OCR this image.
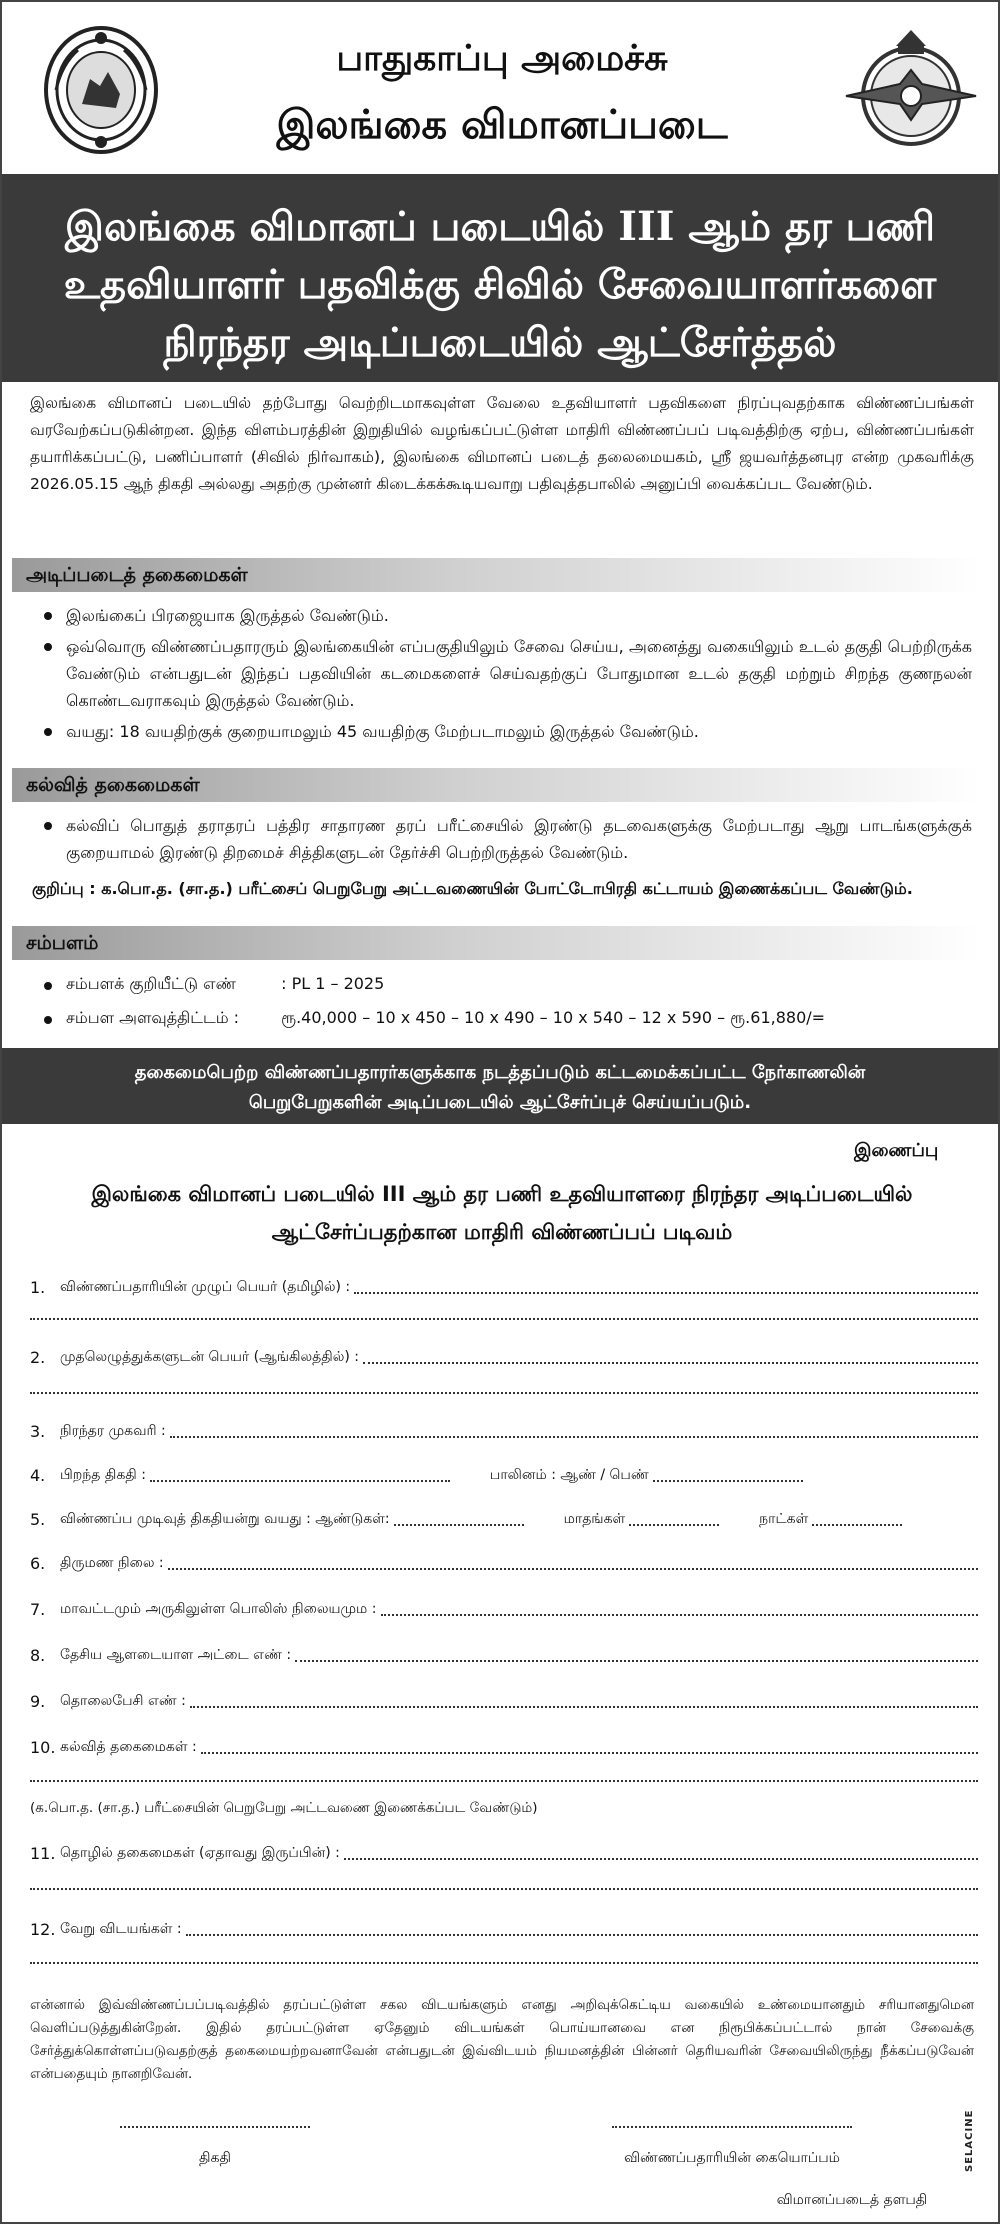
பாதுகாப்பு அமைச்சு
இலங்கை விமானப்படை
இலங்கை விமானப் படையில் III ஆம் தர பணி
உதவியாளர் பதவிக்கு சிவில் சேவையாளர்களை
நிரந்தர அடிப்படையில் ஆட்சேர்த்தல்
இலங்கை விமானப் படையில் தற்போது வெற்றிடமாகவுள்ள வேலை உதவியாளர் பதவிகளை நிரப்புவதற்காக விண்ணப்பங்கள் வரவேற்கப்படுகின்றன. இந்த விளம்பரத்தின் இறுதியில் வழங்கப்பட்டுள்ள மாதிரி விண்ணப்பப் படிவத்திற்கு ஏற்ப, விண்ணப்பங்கள் தயாரிக்கப்பட்டு, பணிப்பாளர் (சிவில் நிர்வாகம்), இலங்கை விமானப் படைத் தலைமையகம், ஸ்ரீ ஜயவர்த்தனபுர என்ற முகவரிக்கு 2026.05.15 ஆந் திகதி அல்லது அதற்கு முன்னர் கிடைக்கக்கூடியவாறு பதிவுத்தபாலில் அனுப்பி வைக்கப்பட வேண்டும்.
அடிப்படைத் தகைமைகள்
இலங்கைப் பிரஜையாக இருத்தல் வேண்டும்.
ஒவ்வொரு விண்ணப்பதாரரும் இலங்கையின் எப்பகுதியிலும் சேவை செய்ய, அனைத்து வகையிலும் உடல் தகுதி பெற்றிருக்க வேண்டும் என்பதுடன் இந்தப் பதவியின் கடமைகளைச் செய்வதற்குப் போதுமான உடல் தகுதி மற்றும் சிறந்த குணநலன் கொண்டவராகவும் இருத்தல் வேண்டும்.
வயது: 18 வயதிற்குக் குறையாமலும் 45 வயதிற்கு மேற்படாமலும் இருத்தல் வேண்டும்.
கல்வித் தகைமைகள்
கல்விப் பொதுத் தராதரப் பத்திர சாதாரண தரப் பரீட்சையில் இரண்டு தடவைகளுக்கு மேற்படாது ஆறு பாடங்களுக்குக் குறையாமல் இரண்டு திறமைச் சித்திகளுடன் தேர்ச்சி பெற்றிருத்தல் வேண்டும்.
குறிப்பு : க.பொ.த. (சா.த.) பரீட்சைப் பெறுபேறு அட்டவணையின் போட்டோபிரதி கட்டாயம் இணைக்கப்பட வேண்டும்.
சம்பளம்
சம்பளக் குறியீட்டு எண்	: PL 1 – 2025
சம்பள அளவுத்திட்டம் :	ரூ.40,000 – 10 x 450 – 10 x 490 – 10 x 540 – 12 x 590 – ரூ.61,880/=
தகைமைபெற்ற விண்ணப்பதாரர்களுக்காக நடத்தப்படும் கட்டமைக்கப்பட்ட நேர்காணலின்
பெறுபேறுகளின் அடிப்படையில் ஆட்சேர்ப்புச் செய்யப்படும்.
இணைப்பு
இலங்கை விமானப் படையில் III ஆம் தர பணி உதவியாளரை நிரந்தர அடிப்படையில்
ஆட்சேர்ப்பதற்கான மாதிரி விண்ணப்பப் படிவம்
1.	விண்ணப்பதாரியின் முழுப் பெயர் (தமிழில்) :
2.	முதலெழுத்துக்களுடன் பெயர் (ஆங்கிலத்தில்) :
3.	நிரந்தர முகவரி :
4.	பிறந்த திகதி :	பாலினம் : ஆண் / பெண்
5.	விண்ணப்ப முடிவுத் திகதியன்று வயது : ஆண்டுகள்:	மாதங்கள்	நாட்கள்
6.	திருமண நிலை :
7.	மாவட்டமும் அருகிலுள்ள பொலிஸ் நிலையமும :
8.	தேசிய ஆளடையாள அட்டை எண் :
9.	தொலைபேசி எண் :
10. கல்வித் தகைமைகள் :
(க.பொ.த. (சா.த.) பரீட்சையின் பெறுபேறு அட்டவணை இணைக்கப்பட வேண்டும்)
11. தொழில் தகைமைகள் (ஏதாவது இருப்பின்) :
12. வேறு விடயங்கள் :
என்னால் இவ்விண்ணப்பப்படிவத்தில் தரப்பட்டுள்ள சகல விடயங்களும் எனது அறிவுக்கெட்டிய வகையில் உண்மையானதும் சரியானதுமென வெளிப்படுத்துகின்றேன். இதில் தரப்பட்டுள்ள ஏதேனும் விடயங்கள் பொய்யானவை என நிரூபிக்கப்பட்டால் நான் சேவைக்கு சேர்த்துக்கொள்ளப்படுவதற்குத் தகைமையற்றவனாவேன் என்பதுடன் இவ்விடயம் நியமனத்தின் பின்னர் தெரியவரின் சேவையிலிருந்து நீக்கப்படுவேன் என்பதையும் நானறிவேன்.
திகதி	விண்ணப்பதாரியின் கையொப்பம்
விமானப்படைத் தளபதி
SELACINE
